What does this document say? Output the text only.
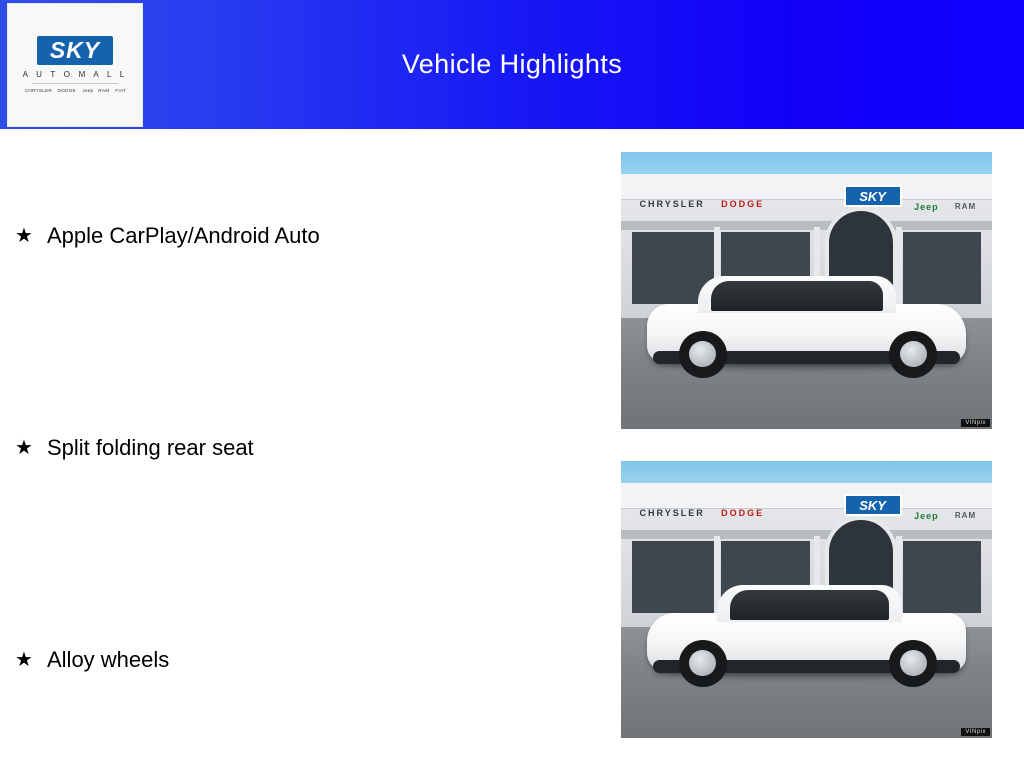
Vehicle Highlights
SKY
A U T O M A L L
CHRYSLER DODGE Jeep RAM FIAT
★ Apple CarPlay/Android Auto
★ Split folding rear seat
★ Alloy wheels
SKY
CHRYSLER DODGE	Jeep RAM
VINpix
SKY
CHRYSLER DODGE	Jeep RAM
VINpix
